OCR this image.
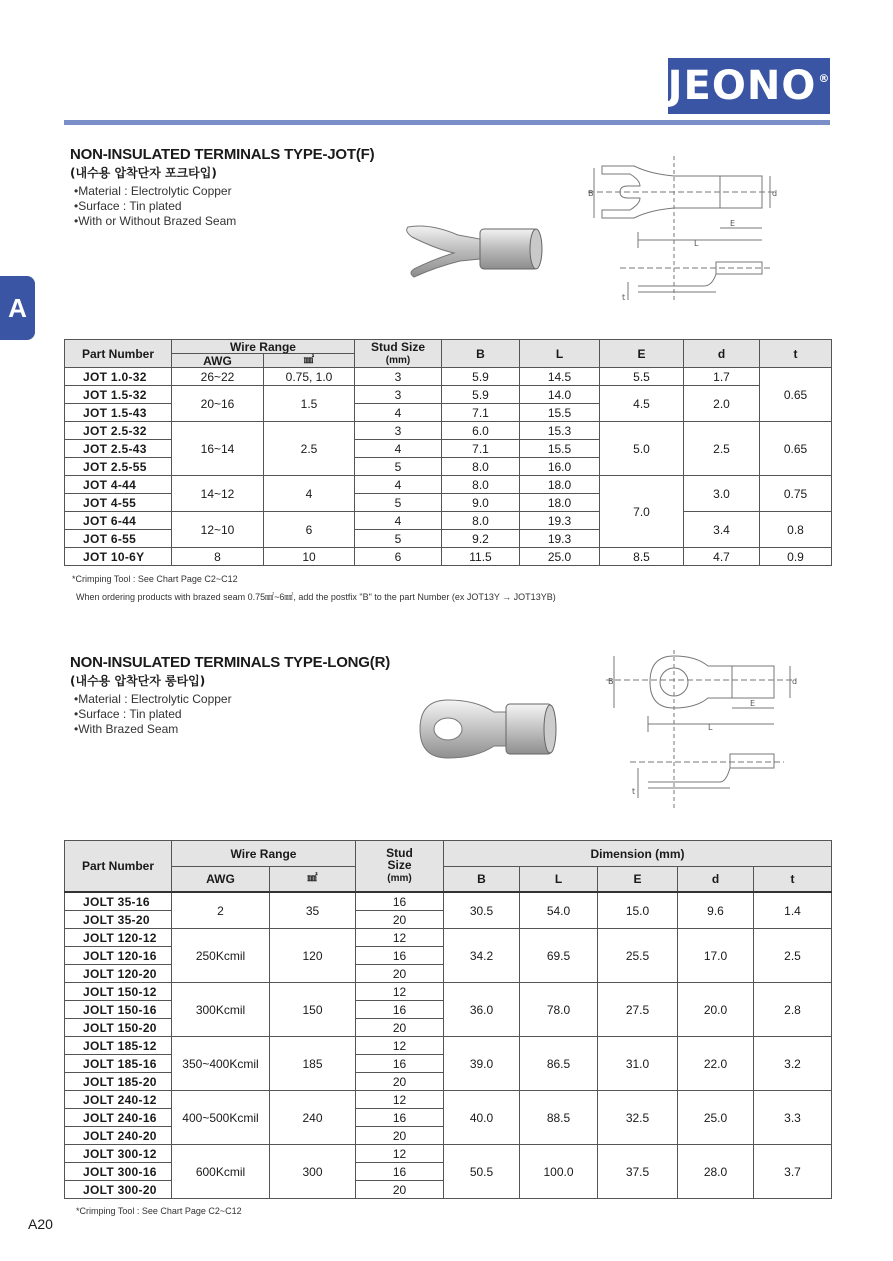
JEONO ®
A
NON-INSULATED TERMINALS TYPE-JOT(F)
(내수용 압착단자 포크타입)
• Material : Electrolytic Copper
• Surface : Tin plated
• With or Without Brazed Seam
B	d
E
L
t
Part Number	Wire Range		Stud Size
(mm)	B	L	E	d	t
	AWG	㎟						
JOT 1.0-32	26~22	0.75, 1.0	3	5.9	14.5	5.5	1.7	0.65
JOT 1.5-32	20~16	1.5	3	5.9	14.0	4.5	2.0	
JOT 1.5-43			4	7.1	15.5			
JOT 2.5-32	16~14	2.5	3	6.0	15.3	5.0	2.5	0.65
JOT 2.5-43			4	7.1	15.5			
JOT 2.5-55			5	8.0	16.0			
JOT 4-44	14~12	4	4	8.0	18.0	7.0	3.0	0.75
JOT 4-55			5	9.0	18.0			
JOT 6-44	12~10	6	4	8.0	19.3		3.4	0.8
JOT 6-55			5	9.2	19.3			
JOT 10-6Y	8	10	6	11.5	25.0	8.5	4.7	0.9
*Crimping Tool : See Chart Page C2~C12
When ordering products with brazed seam 0.75㎟~6㎟, add the postfix "B" to the part Number (ex JOT13Y → JOT13YB)
NON-INSULATED TERMINALS TYPE-LONG(R)
(내수용 압착단자 롱타입)
• Material : Electrolytic Copper
• Surface : Tin plated
• With Brazed Seam
B	d
E
L
t
Part Number	Wire Range		Stud
Size
(mm)	Dimension (mm)				
	AWG	㎟		B	L	E	d	t
JOLT 35-16	2	35	16	30.5	54.0	15.0	9.6	1.4
JOLT 35-20			20					
JOLT 120-12	250Kcmil	120	12	34.2	69.5	25.5	17.0	2.5
JOLT 120-16			16					
JOLT 120-20			20					
JOLT 150-12	300Kcmil	150	12	36.0	78.0	27.5	20.0	2.8
JOLT 150-16			16					
JOLT 150-20			20					
JOLT 185-12	350~400Kcmil	185	12	39.0	86.5	31.0	22.0	3.2
JOLT 185-16			16					
JOLT 185-20			20					
JOLT 240-12	400~500Kcmil	240	12	40.0	88.5	32.5	25.0	3.3
JOLT 240-16			16					
JOLT 240-20			20					
JOLT 300-12	600Kcmil	300	12	50.5	100.0	37.5	28.0	3.7
JOLT 300-16			16					
JOLT 300-20			20					
*Crimping Tool : See Chart Page C2~C12
A20
